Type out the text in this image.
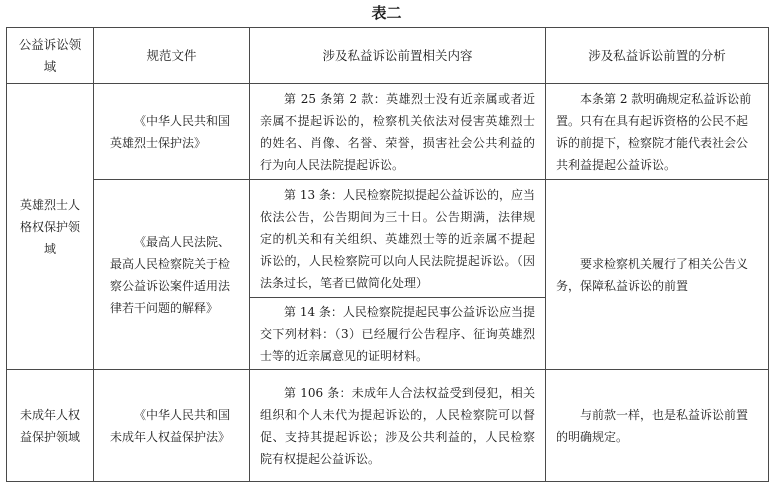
表二
公益诉讼领域	规范文件	涉及私益诉讼前置相关内容	涉及私益诉讼前置的分析
英雄烈士人格权保护领域	《中华人民共和国英雄烈士保护法》	第 25 条第 2 款：英雄烈士没有近亲属或者近亲属不提起诉讼的，检察机关依法对侵害英雄烈士的姓名、肖像、名誉、荣誉，损害社会公共利益的行为向人民法院提起诉讼。	本条第 2 款明确规定私益诉讼前置。只有在具有起诉资格的公民不起诉的前提下，检察院才能代表社会公共利益提起公益诉讼。

	《最高人民法院、最高人民检察院关于检察公益诉讼案件适用法律若干问题的解释》	第 13 条：人民检察院拟提起公益诉讼的，应当依法公告，公告期间为三十日。公告期满，法律规定的机关和有关组织、英雄烈士等的近亲属不提起诉讼的，人民检察院可以向人民法院提起诉讼。（因法条过长，笔者已做简化处理）	要求检察机关履行了相关公告义务，保障私益诉讼的前置

		第 14 条：人民检察院提起民事公益诉讼应当提交下列材料：（3）已经履行公告程序、征询英雄烈士等的近亲属意见的证明材料。	

未成年人权益保护领域	《中华人民共和国未成年人权益保护法》	第 106 条：未成年人合法权益受到侵犯，相关组织和个人未代为提起诉讼的，人民检察院可以督促、支持其提起诉讼；涉及公共利益的，人民检察院有权提起公益诉讼。	与前款一样，也是私益诉讼前置的明确规定。
